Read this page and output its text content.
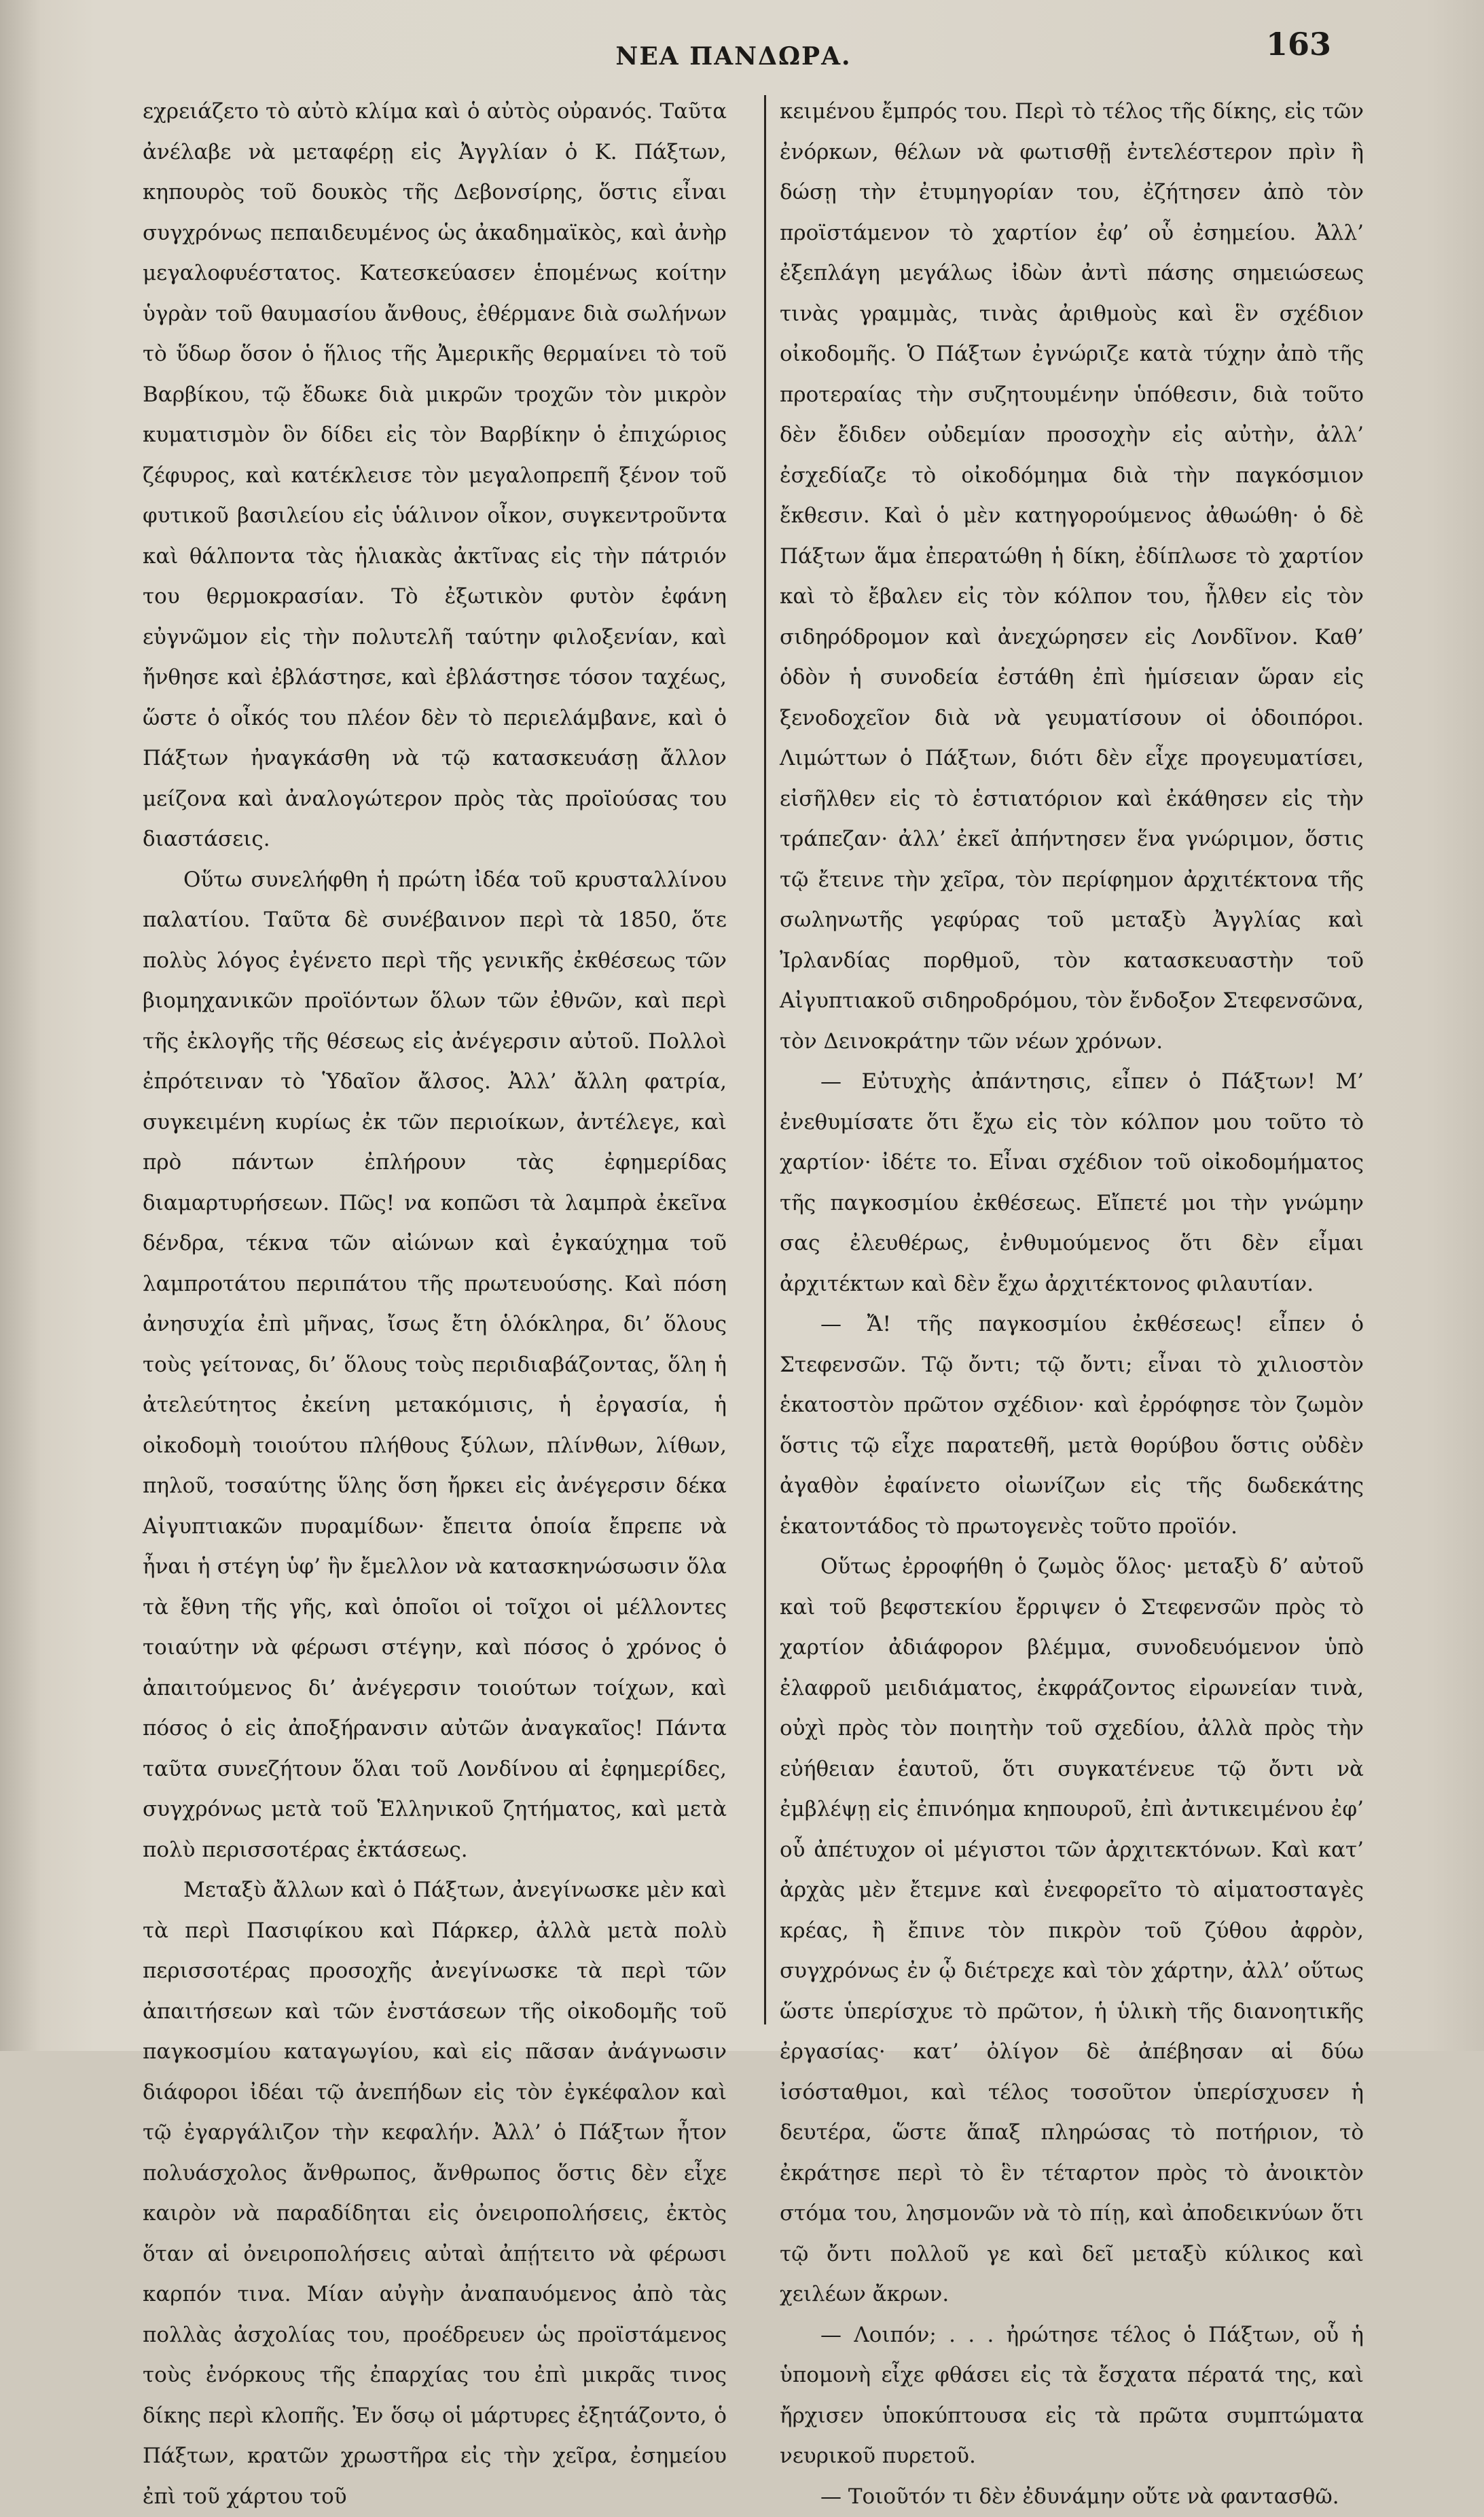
ΝΕΑ ΠΑΝΔΩΡΑ.	163

εχρειάζετο τὸ αὐτὸ κλίμα καὶ ὁ αὐτὸς οὐρανός. Ταῦτα ἀνέλαβε νὰ μεταφέρῃ εἰς Ἀγγλίαν ὁ Κ. Πάξτων, κηπουρὸς τοῦ δουκὸς τῆς Δεβονσίρης, ὅστις εἶναι συγχρόνως πεπαιδευμένος ὡς ἀκαδημαϊκὸς, καὶ ἀνὴρ μεγαλοφυέστατος. Κατεσκεύασεν ἑπομένως κοίτην ὑγρὰν τοῦ θαυμασίου ἄνθους, ἐθέρμανε διὰ σωλήνων τὸ ὕδωρ ὅσον ὁ ἥλιος τῆς Ἀμερικῆς θερμαίνει τὸ τοῦ Βαρβίκου, τῷ ἔδωκε διὰ μικρῶν τροχῶν τὸν μικρὸν κυματισμὸν ὃν δίδει εἰς τὸν Βαρβίκην ὁ ἐπιχώριος ζέφυρος, καὶ κατέκλεισε τὸν μεγαλοπρεπῆ ξένον τοῦ φυτικοῦ βασιλείου εἰς ὑάλινον οἶκον, συγκεντροῦντα καὶ θάλποντα τὰς ἡλιακὰς ἀκτῖνας εἰς τὴν πάτριόν του θερμοκρασίαν. Τὸ ἐξωτικὸν φυτὸν ἐφάνη εὐγνῶμον εἰς τὴν πολυτελῆ ταύτην φιλοξενίαν, καὶ ἤνθησε καὶ ἐβλάστησε, καὶ ἐβλάστησε τόσον ταχέως, ὥστε ὁ οἶκός του πλέον δὲν τὸ περιελάμβανε, καὶ ὁ Πάξτων ἠναγκάσθη νὰ τῷ κατασκευάσῃ ἄλλον μείζονα καὶ ἀναλογώτερον πρὸς τὰς προϊούσας του διαστάσεις.

Οὕτω συνελήφθη ἡ πρώτη ἰδέα τοῦ κρυσταλλίνου παλατίου. Ταῦτα δὲ συνέβαινον περὶ τὰ 1850, ὅτε πολὺς λόγος ἐγένετο περὶ τῆς γενικῆς ἐκθέσεως τῶν βιομηχανικῶν προϊόντων ὅλων τῶν ἐθνῶν, καὶ περὶ τῆς ἐκλογῆς τῆς θέσεως εἰς ἀνέγερσιν αὐτοῦ. Πολλοὶ ἐπρότειναν τὸ Ὑδαῖον ἄλσος. Ἀλλ’ ἄλλη φατρία, συγκειμένη κυρίως ἐκ τῶν περιοίκων, ἀντέλεγε, καὶ πρὸ πάντων ἐπλήρουν τὰς ἐφημερίδας διαμαρτυρήσεων. Πῶς! να κοπῶσι τὰ λαμπρὰ ἐκεῖνα δένδρα, τέκνα τῶν αἰώνων καὶ ἐγκαύχημα τοῦ λαμπροτάτου περιπάτου τῆς πρωτευούσης. Καὶ πόση ἀνησυχία ἐπὶ μῆνας, ἴσως ἔτη ὁλόκληρα, δι’ ὅλους τοὺς γείτονας, δι’ ὅλους τοὺς περιδιαβάζοντας, ὅλη ἡ ἀτελεύτητος ἐκείνη μετακόμισις, ἡ ἐργασία, ἡ οἰκοδομὴ τοιούτου πλήθους ξύλων, πλίνθων, λίθων, πηλοῦ, τοσαύτης ὕλης ὅση ἤρκει εἰς ἀνέγερσιν δέκα Αἰγυπτιακῶν πυραμίδων· ἔπειτα ὁποία ἔπρεπε νὰ ἦναι ἡ στέγη ὑφ’ ἣν ἔμελλον νὰ κατασκηνώσωσιν ὅλα τὰ ἔθνη τῆς γῆς, καὶ ὁποῖοι οἱ τοῖχοι οἱ μέλλοντες τοιαύτην νὰ φέρωσι στέγην, καὶ πόσος ὁ χρόνος ὁ ἀπαιτούμενος δι’ ἀνέγερσιν τοιούτων τοίχων, καὶ πόσος ὁ εἰς ἀποξήρανσιν αὐτῶν ἀναγκαῖος! Πάντα ταῦτα συνεζήτουν ὅλαι τοῦ Λονδίνου αἱ ἐφημερίδες, συγχρόνως μετὰ τοῦ Ἑλληνικοῦ ζητήματος, καὶ μετὰ πολὺ περισσοτέρας ἐκτάσεως.

Μεταξὺ ἄλλων καὶ ὁ Πάξτων, ἀνεγίνωσκε μὲν καὶ τὰ περὶ Πασιφίκου καὶ Πάρκερ, ἀλλὰ μετὰ πολὺ περισσοτέρας προσοχῆς ἀνεγίνωσκε τὰ περὶ τῶν ἀπαιτήσεων καὶ τῶν ἐνστάσεων τῆς οἰκοδομῆς τοῦ παγκοσμίου καταγωγίου, καὶ εἰς πᾶσαν ἀνάγνωσιν διάφοροι ἰδέαι τῷ ἀνεπήδων εἰς τὸν ἐγκέφαλον καὶ τῷ ἐγαργάλιζον τὴν κεφαλήν. Ἀλλ’ ὁ Πάξτων ἦτον πολυάσχολος ἄνθρωπος, ἄνθρωπος ὅστις δὲν εἶχε καιρὸν νὰ παραδίδηται εἰς ὀνειροπολήσεις, ἐκτὸς ὅταν αἱ ὀνειροπολήσεις αὐταὶ ἀπῄτειτο νὰ φέρωσι καρπόν τινα. Μίαν αὐγὴν ἀναπαυόμενος ἀπὸ τὰς πολλὰς ἀσχολίας του, προέδρευεν ὡς προϊστάμενος τοὺς ἐνόρκους τῆς ἐπαρχίας του ἐπὶ μικρᾶς τινος δίκης περὶ κλοπῆς. Ἐν ὅσῳ οἱ μάρτυρες ἐξητάζοντο, ὁ Πάξτων, κρατῶν χρωστῆρα εἰς τὴν χεῖρα, ἐσημείου ἐπὶ τοῦ χάρτου τοῦ

κειμένου ἔμπρός του. Περὶ τὸ τέλος τῆς δίκης, εἰς τῶν ἐνόρκων, θέλων νὰ φωτισθῇ ἐντελέστερον πρὶν ἢ δώσῃ τὴν ἐτυμηγορίαν του, ἐζήτησεν ἀπὸ τὸν προϊστάμενον τὸ χαρτίον ἐφ’ οὗ ἐσημείου. Ἀλλ’ ἐξεπλάγη μεγάλως ἰδὼν ἀντὶ πάσης σημειώσεως τινὰς γραμμὰς, τινὰς ἀριθμοὺς καὶ ἓν σχέδιον οἰκοδομῆς. Ὁ Πάξτων ἐγνώριζε κατὰ τύχην ἀπὸ τῆς προτεραίας τὴν συζητουμένην ὑπόθεσιν, διὰ τοῦτο δὲν ἔδιδεν οὐδεμίαν προσοχὴν εἰς αὐτὴν, ἀλλ’ ἐσχεδίαζε τὸ οἰκοδόμημα διὰ τὴν παγκόσμιον ἔκθεσιν. Καὶ ὁ μὲν κατηγορούμενος ἀθωώθη· ὁ δὲ Πάξτων ἅμα ἐπερατώθη ἡ δίκη, ἐδίπλωσε τὸ χαρτίον καὶ τὸ ἔβαλεν εἰς τὸν κόλπον του, ἦλθεν εἰς τὸν σιδηρόδρομον καὶ ἀνεχώρησεν εἰς Λονδῖνον. Καθ’ ὁδὸν ἡ συνοδεία ἐστάθη ἐπὶ ἡμίσειαν ὥραν εἰς ξενοδοχεῖον διὰ νὰ γευματίσουν οἱ ὁδοιπόροι. Λιμώττων ὁ Πάξτων, διότι δὲν εἶχε προγευματίσει, εἰσῆλθεν εἰς τὸ ἑστιατόριον καὶ ἐκάθησεν εἰς τὴν τράπεζαν· ἀλλ’ ἐκεῖ ἀπήντησεν ἕνα γνώριμον, ὅστις τῷ ἔτεινε τὴν χεῖρα, τὸν περίφημον ἀρχιτέκτονα τῆς σωληνωτῆς γεφύρας τοῦ μεταξὺ Ἀγγλίας καὶ Ἰρλανδίας πορθμοῦ, τὸν κατασκευαστὴν τοῦ Αἰγυπτιακοῦ σιδηροδρόμου, τὸν ἔνδοξον Στεφενσῶνα, τὸν Δεινοκράτην τῶν νέων χρόνων.

— Εὐτυχὴς ἀπάντησις, εἶπεν ὁ Πάξτων! Μ’ ἐνεθυμίσατε ὅτι ἔχω εἰς τὸν κόλπον μου τοῦτο τὸ χαρτίον· ἰδέτε το. Εἶναι σχέδιον τοῦ οἰκοδομήματος τῆς παγκοσμίου ἐκθέσεως. Εἴπετέ μοι τὴν γνώμην σας ἐλευθέρως, ἐνθυμούμενος ὅτι δὲν εἶμαι ἀρχιτέκτων καὶ δὲν ἔχω ἀρχιτέκτονος φιλαυτίαν.

— Ἄ! τῆς παγκοσμίου ἐκθέσεως! εἶπεν ὁ Στεφενσῶν. Τῷ ὄντι; τῷ ὄντι; εἶναι τὸ χιλιοστὸν ἑκατοστὸν πρῶτον σχέδιον· καὶ ἐρρόφησε τὸν ζωμὸν ὅστις τῷ εἶχε παρατεθῆ, μετὰ θορύβου ὅστις οὐδὲν ἀγαθὸν ἐφαίνετο οἰωνίζων εἰς τῆς δωδεκάτης ἑκατοντάδος τὸ πρωτογενὲς τοῦτο προϊόν.

Οὕτως ἐρροφήθη ὁ ζωμὸς ὅλος· μεταξὺ δ’ αὐτοῦ καὶ τοῦ βεφστεκίου ἔρριψεν ὁ Στεφενσῶν πρὸς τὸ χαρτίον ἀδιάφορον βλέμμα, συνοδευόμενον ὑπὸ ἐλαφροῦ μειδιάματος, ἐκφράζοντος εἰρωνείαν τινὰ, οὐχὶ πρὸς τὸν ποιητὴν τοῦ σχεδίου, ἀλλὰ πρὸς τὴν εὐήθειαν ἑαυτοῦ, ὅτι συγκατένευε τῷ ὄντι νὰ ἐμβλέψῃ εἰς ἐπινόημα κηπουροῦ, ἐπὶ ἀντικειμένου ἐφ’ οὗ ἀπέτυχον οἱ μέγιστοι τῶν ἀρχιτεκτόνων. Καὶ κατ’ ἀρχὰς μὲν ἔτεμνε καὶ ἐνεφορεῖτο τὸ αἱματοσταγὲς κρέας, ἢ ἔπινε τὸν πικρὸν τοῦ ζύθου ἀφρὸν, συγχρόνως ἐν ᾧ διέτρεχε καὶ τὸν χάρτην, ἀλλ’ οὕτως ὥστε ὑπερίσχυε τὸ πρῶτον, ἡ ὑλικὴ τῆς διανοητικῆς ἐργασίας· κατ’ ὀλίγον δὲ ἀπέβησαν αἱ δύω ἰσόσταθμοι, καὶ τέλος τοσοῦτον ὑπερίσχυσεν ἡ δευτέρα, ὥστε ἅπαξ πληρώσας τὸ ποτήριον, τὸ ἐκράτησε περὶ τὸ ἓν τέταρτον πρὸς τὸ ἀνοικτὸν στόμα του, λησμονῶν νὰ τὸ πίῃ, καὶ ἀποδεικνύων ὅτι τῷ ὄντι πολλοῦ γε καὶ δεῖ μεταξὺ κύλικος καὶ χειλέων ἄκρων.

— Λοιπόν; . . . ἠρώτησε τέλος ὁ Πάξτων, οὗ ἡ ὑπομονὴ εἶχε φθάσει εἰς τὰ ἔσχατα πέρατά της, καὶ ἤρχισεν ὑποκύπτουσα εἰς τὰ πρῶτα συμπτώματα νευρικοῦ πυρετοῦ.

— Τοιοῦτόν τι δὲν ἐδυνάμην οὔτε νὰ φαντασθῶ.
